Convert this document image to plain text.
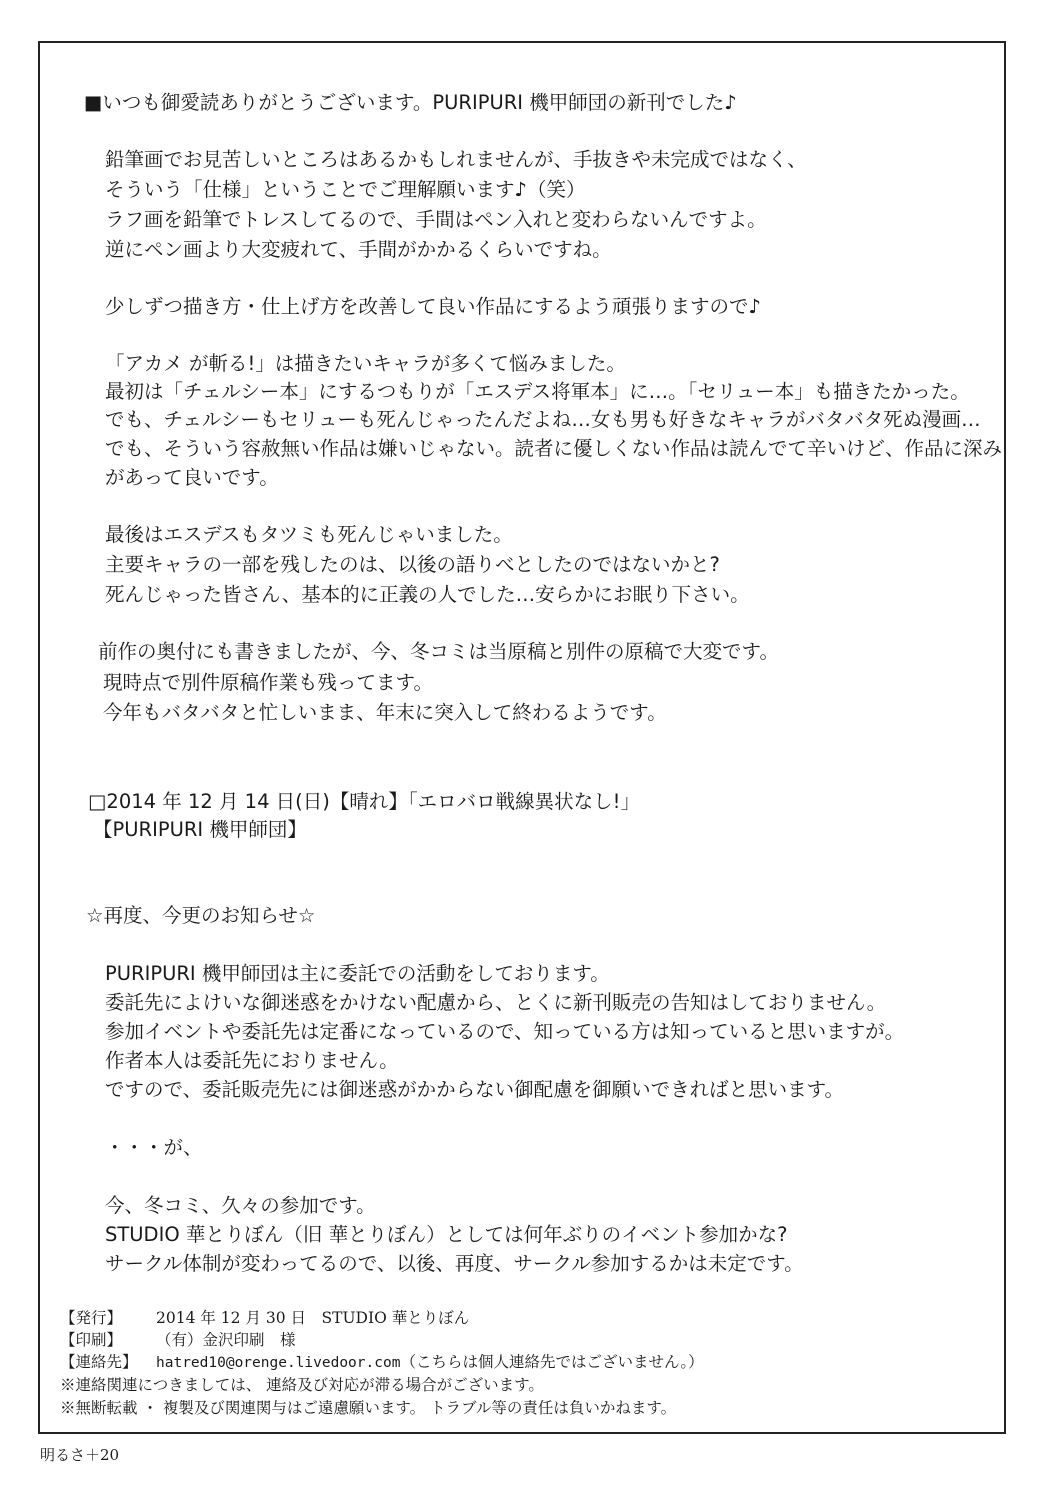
■いつも御愛読ありがとうございます。PURIPURI 機甲師団の新刊でした♪
鉛筆画でお見苦しいところはあるかもしれませんが、手抜きや未完成ではなく、
そういう「仕様」ということでご理解願います♪（笑）
ラフ画を鉛筆でトレスしてるので、手間はペン入れと変わらないんですよ。
逆にペン画より大変疲れて、手間がかかるくらいですね。
少しずつ描き方・仕上げ方を改善して良い作品にするよう頑張りますので♪
「アカメ が斬る!」は描きたいキャラが多くて悩みました。
最初は「チェルシー本」にするつもりが「エスデス将軍本」に…。「セリュー本」も描きたかった。
でも、チェルシーもセリューも死んじゃったんだよね…女も男も好きなキャラがバタバタ死ぬ漫画…
でも、そういう容赦無い作品は嫌いじゃない。読者に優しくない作品は読んでて辛いけど、作品に深み
があって良いです。
最後はエスデスもタツミも死んじゃいました。
主要キャラの一部を残したのは、以後の語りべとしたのではないかと?
死んじゃった皆さん、基本的に正義の人でした…安らかにお眠り下さい。
前作の奥付にも書きましたが、今、冬コミは当原稿と別件の原稿で大変です。
現時点で別件原稿作業も残ってます。
今年もバタバタと忙しいまま、年末に突入して終わるようです。
□2014 年 12 月 14 日(日)【晴れ】「エロバロ戦線異状なし!」
【PURIPURI 機甲師団】
☆再度、今更のお知らせ☆
PURIPURI 機甲師団は主に委託での活動をしております。
委託先によけいな御迷惑をかけない配慮から、とくに新刊販売の告知はしておりません。
参加イベントや委託先は定番になっているので、知っている方は知っていると思いますが。
作者本人は委託先におりません。
ですので、委託販売先には御迷惑がかからない御配慮を御願いできればと思います。
・・・が、
今、冬コミ、久々の参加です。
STUDIO 華とりぼん（旧 華とりぼん）としては何年ぶりのイベント参加かな?
サークル体制が変わってるので、以後、再度、サークル参加するかは未定です。
【発行】 2014 年 12 月 30 日　STUDIO 華とりぼん
【印刷】 （有）金沢印刷　様
【連絡先】 hatred10@orenge.livedoor.com（こちらは個人連絡先ではございません。）
※連絡関連につきましては、 連絡及び対応が滞る場合がございます。
※無断転載 ・ 複製及び関連関与はご遠慮願います。 トラブル等の責任は負いかねます。
明るさ＋20
